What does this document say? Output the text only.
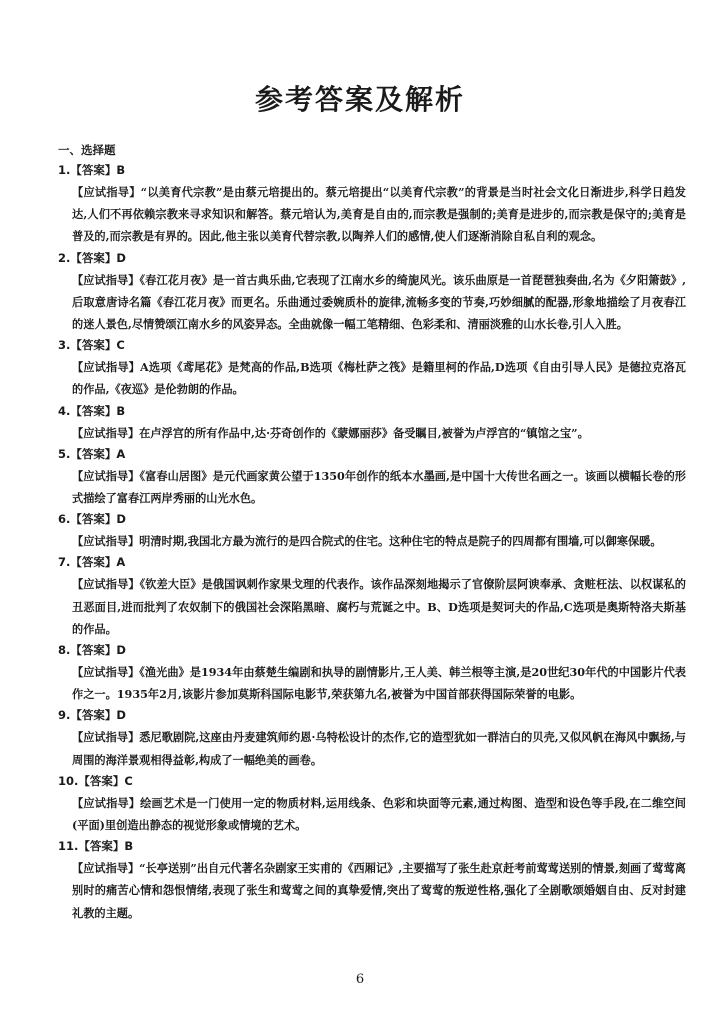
参考答案及解析
一、选择题
1.【答案】B

【应试指导】“以美育代宗教”是由蔡元培提出的。蔡元培提出“以美育代宗教”的背景是当时社会文化日渐进步,科学日趋发达,人们不再依赖宗教来寻求知识和解答。蔡元培认为,美育是自由的,而宗教是强制的;美育是进步的,而宗教是保守的;美育是普及的,而宗教是有界的。因此,他主张以美育代替宗教,以陶养人们的感情,使人们逐渐消除自私自利的观念。

2.【答案】D

【应试指导】《春江花月夜》是一首古典乐曲,它表现了江南水乡的绮旎风光。该乐曲原是一首琵琶独奏曲,名为《夕阳箫鼓》,后取意唐诗名篇《春江花月夜》而更名。乐曲通过委婉质朴的旋律,流畅多变的节奏,巧妙细腻的配器,形象地描绘了月夜春江的迷人景色,尽情赞颂江南水乡的风姿异态。全曲就像一幅工笔精细、色彩柔和、清丽淡雅的山水长卷,引人入胜。

3.【答案】C

【应试指导】A选项《鸢尾花》是梵高的作品,B选项《梅杜萨之筏》是籍里柯的作品,D选项《自由引导人民》是德拉克洛瓦的作品,《夜巡》是伦勃朗的作品。

4.【答案】B

【应试指导】在卢浮宫的所有作品中,达·芬奇创作的《蒙娜丽莎》备受瞩目,被誉为卢浮宫的“镇馆之宝”。

5.【答案】A

【应试指导】《富春山居图》是元代画家黄公望于1350年创作的纸本水墨画,是中国十大传世名画之一。该画以横幅长卷的形式描绘了富春江两岸秀丽的山光水色。

6.【答案】D

【应试指导】明清时期,我国北方最为流行的是四合院式的住宅。这种住宅的特点是院子的四周都有围墙,可以御寒保暖。

7.【答案】A

【应试指导】《钦差大臣》是俄国讽刺作家果戈理的代表作。该作品深刻地揭示了官僚阶层阿谀奉承、贪赃枉法、以权谋私的丑恶面目,进而批判了农奴制下的俄国社会深陷黑暗、腐朽与荒诞之中。B、D选项是契诃夫的作品,C选项是奥斯特洛夫斯基的作品。

8.【答案】D

【应试指导】《渔光曲》是1934年由蔡楚生编剧和执导的剧情影片,王人美、韩兰根等主演,是20世纪30年代的中国影片代表作之一。1935年2月,该影片参加莫斯科国际电影节,荣获第九名,被誉为中国首部获得国际荣誉的电影。

9.【答案】D

【应试指导】悉尼歌剧院,这座由丹麦建筑师约恩·乌特松设计的杰作,它的造型犹如一群洁白的贝壳,又似风帆在海风中飘扬,与周围的海洋景观相得益彰,构成了一幅绝美的画卷。

10.【答案】C

【应试指导】绘画艺术是一门使用一定的物质材料,运用线条、色彩和块面等元素,通过构图、造型和设色等手段,在二维空间(平面)里创造出静态的视觉形象或情境的艺术。

11.【答案】B

【应试指导】“长亭送别”出自元代著名杂剧家王实甫的《西厢记》,主要描写了张生赴京赶考前莺莺送别的情景,刻画了莺莺离别时的痛苦心情和怨恨情绪,表现了张生和莺莺之间的真挚爱情,突出了莺莺的叛逆性格,强化了全剧歌颂婚姻自由、反对封建礼教的主题。

6
